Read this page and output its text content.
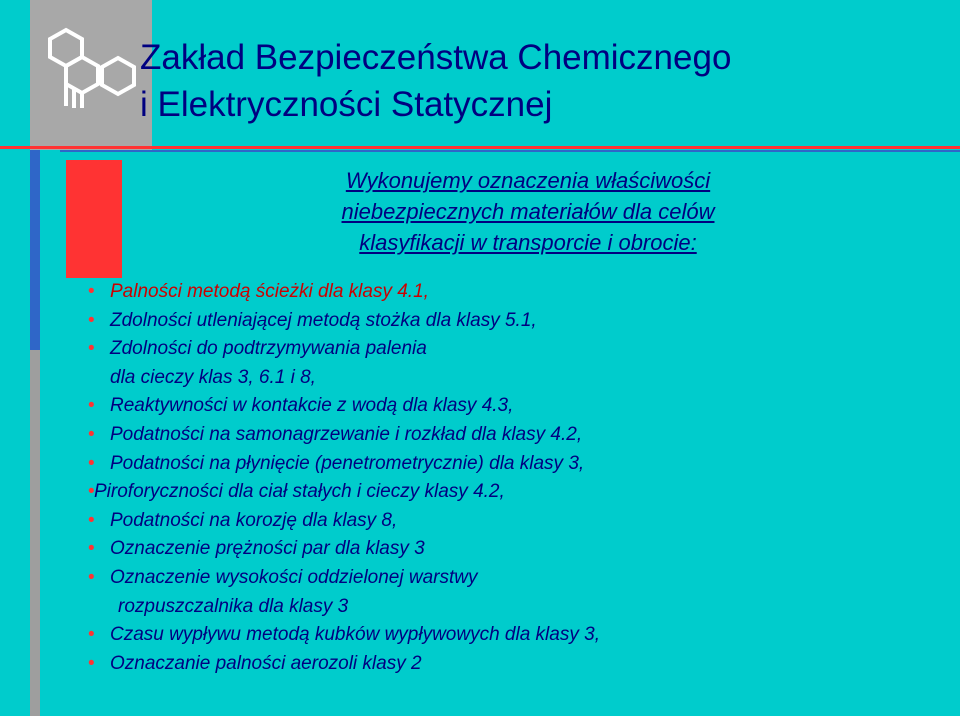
Zakład Bezpieczeństwa Chemicznego
i Elektryczności Statycznej

Wykonujemy oznaczenia właściwości
niebezpiecznych materiałów dla celów
klasyfikacji w transporcie i obrocie:

• Palności metodą ścieżki dla klasy 4.1,
• Zdolności utleniającej metodą stożka dla klasy 5.1,
• Zdolności do podtrzymywania palenia
dla cieczy klas 3, 6.1 i 8,
• Reaktywności w kontakcie z wodą dla klasy 4.3,
• Podatności na samonagrzewanie i rozkład dla klasy 4.2,
• Podatności na płynięcie (penetrometrycznie) dla klasy 3,
• Piroforyczności dla ciał stałych i cieczy klasy 4.2,
• Podatności na korozję dla klasy 8,
• Oznaczenie prężności par dla klasy 3
• Oznaczenie wysokości oddzielonej warstwy
rozpuszczalnika dla klasy 3
• Czasu wypływu metodą kubków wypływowych dla klasy 3,
• Oznaczanie palności aerozoli klasy 2
